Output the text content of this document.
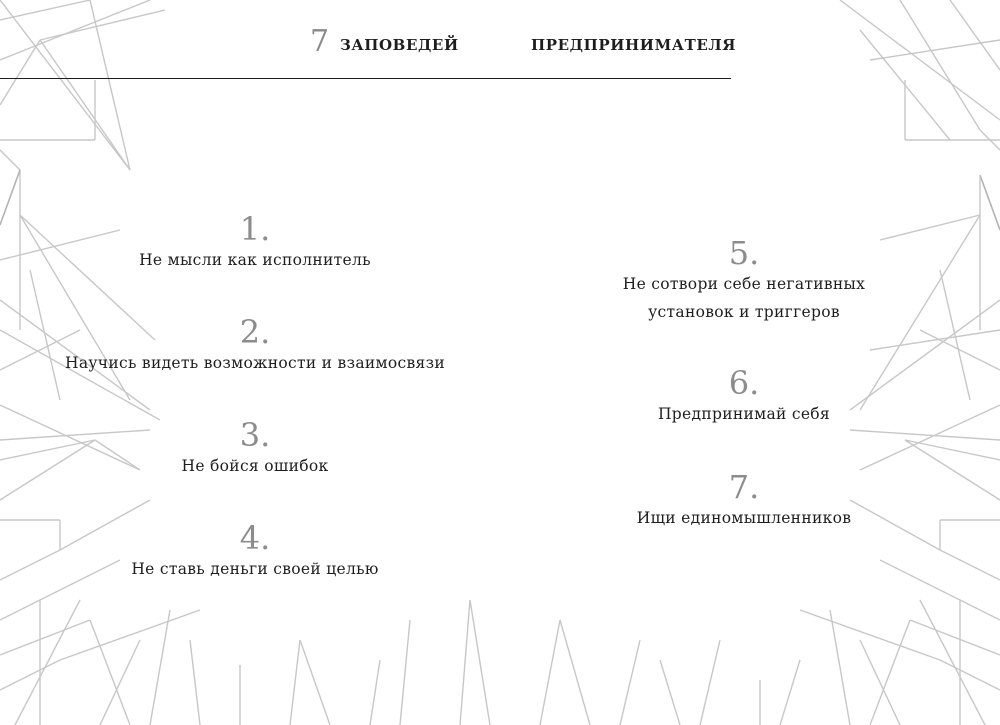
7 ЗАПОВЕДЕЙ	ПРЕДПРИНИМАТЕЛЯ
1.
Не мысли как исполнитель
2.
Научись видеть возможности и взаимосвязи
3.
Не бойся ошибок
4.
Не ставь деньги своей целью
5.
Не сотвори себе негативных
установок и триггеров
6.
Предпринимай себя
7.
Ищи единомышленников
